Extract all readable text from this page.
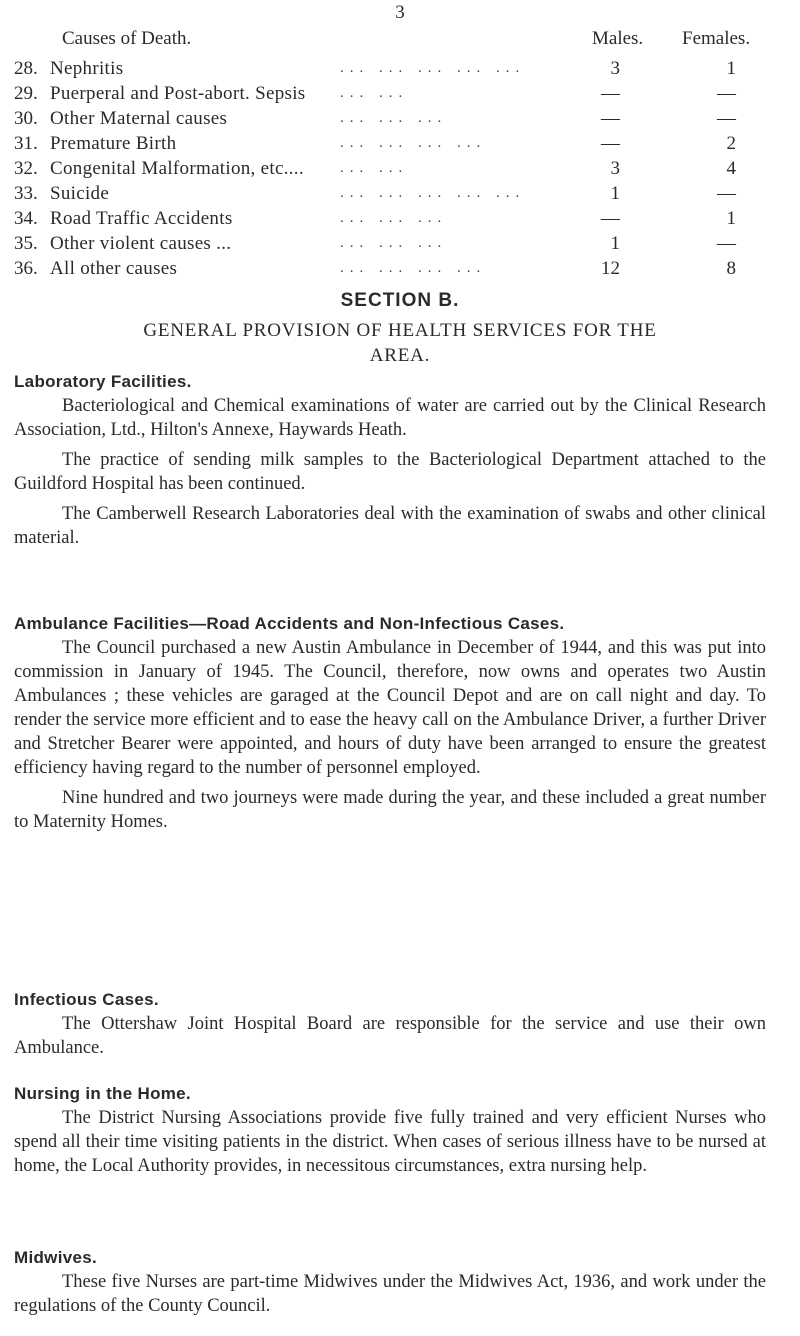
3
Causes of Death.	Males. Females.
28. Nephritis	... ... ... ... ...	3	1
29. Puerperal and Post-abort. Sepsis ... ...	—	—
30. Other Maternal causes	... ... ...	—	—
31. Premature Birth	... ... ... ...	—	2
32. Congenital Malformation, etc.... ... ...	3	4
33. Suicide	... ... ... ... ...	1	—
34. Road Traffic Accidents	... ... ...	—	1
35. Other violent causes ...	... ... ...	1	—
36. All other causes	... ... ... ...	12	8
SECTION B.
GENERAL PROVISION OF HEALTH SERVICES FOR THE
AREA.
Laboratory Facilities.

Bacteriological and Chemical examinations of water are carried out by the Clinical Research Association, Ltd., Hilton's Annexe, Haywards Heath.

The practice of sending milk samples to the Bacteriological Department attached to the Guildford Hospital has been continued.

The Camberwell Research Laboratories deal with the examination of swabs and other clinical material.

Ambulance Facilities—Road Accidents and Non-Infectious Cases.

The Council purchased a new Austin Ambulance in December of 1944, and this was put into commission in January of 1945. The Council, therefore, now owns and operates two Austin Ambulances ; these vehicles are garaged at the Council Depot and are on call night and day. To render the service more efficient and to ease the heavy call on the Ambulance Driver, a further Driver and Stretcher Bearer were appointed, and hours of duty have been arranged to ensure the greatest efficiency having regard to the number of personnel employed.

Nine hundred and two journeys were made during the year, and these included a great number to Maternity Homes.

Infectious Cases.

The Ottershaw Joint Hospital Board are responsible for the service and use their own Ambulance.

Nursing in the Home.

The District Nursing Associations provide five fully trained and very efficient Nurses who spend all their time visiting patients in the district. When cases of serious illness have to be nursed at home, the Local Authority provides, in necessitous circumstances, extra nursing help.

Midwives.

These five Nurses are part-time Midwives under the Midwives Act, 1936, and work under the regulations of the County Council.
